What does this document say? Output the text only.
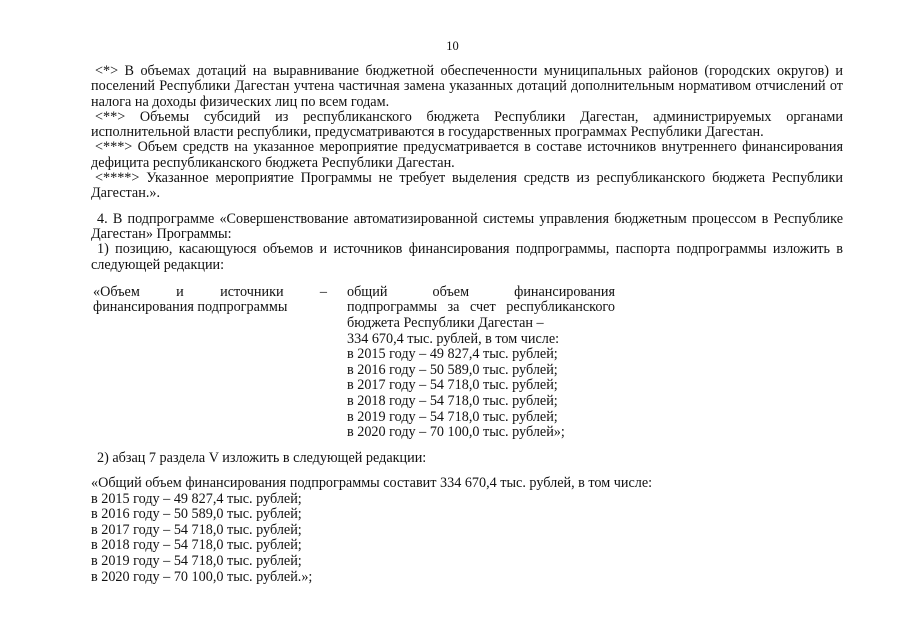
10

<*> В объемах дотаций на выравнивание бюджетной обеспеченности муниципальных районов (городских округов) и поселений Республики Дагестан учтена частичная замена указанных дотаций дополнительным нормативом отчислений от налога на доходы физических лиц по всем годам.

<**> Объемы субсидий из республиканского бюджета Республики Дагестан, администрируемых органами исполнительной власти республики, предусматриваются в государственных программах Республики Дагестан.

<***> Объем средств на указанное мероприятие предусматривается в составе источников внутреннего финансирования дефицита республиканского бюджета Республики Дагестан.

<****> Указанное мероприятие Программы не требует выделения средств из республиканского бюджета Республики Дагестан.».

4. В подпрограмме «Совершенствование автоматизированной системы управления бюджетным процессом в Республике Дагестан» Программы:

1) позицию, касающуюся объемов и источников финансирования подпрограммы, паспорта подпрограммы изложить в следующей редакции:

«Объем и источники – финансирования подпрограммы
общий объем финансирования подпрограммы за счет республиканского бюджета Республики Дагестан –
334 670,4 тыс. рублей, в том числе:
в 2015 году – 49 827,4 тыс. рублей;
в 2016 году – 50 589,0 тыс. рублей;
в 2017 году – 54 718,0 тыс. рублей;
в 2018 году – 54 718,0 тыс. рублей;
в 2019 году – 54 718,0 тыс. рублей;
в 2020 году – 70 100,0 тыс. рублей»;

2) абзац 7 раздела V изложить в следующей редакции:

«Общий объем финансирования подпрограммы составит 334 670,4 тыс. рублей, в том числе:
в 2015 году – 49 827,4 тыс. рублей;
в 2016 году – 50 589,0 тыс. рублей;
в 2017 году – 54 718,0 тыс. рублей;
в 2018 году – 54 718,0 тыс. рублей;
в 2019 году – 54 718,0 тыс. рублей;
в 2020 году – 70 100,0 тыс. рублей.»;
